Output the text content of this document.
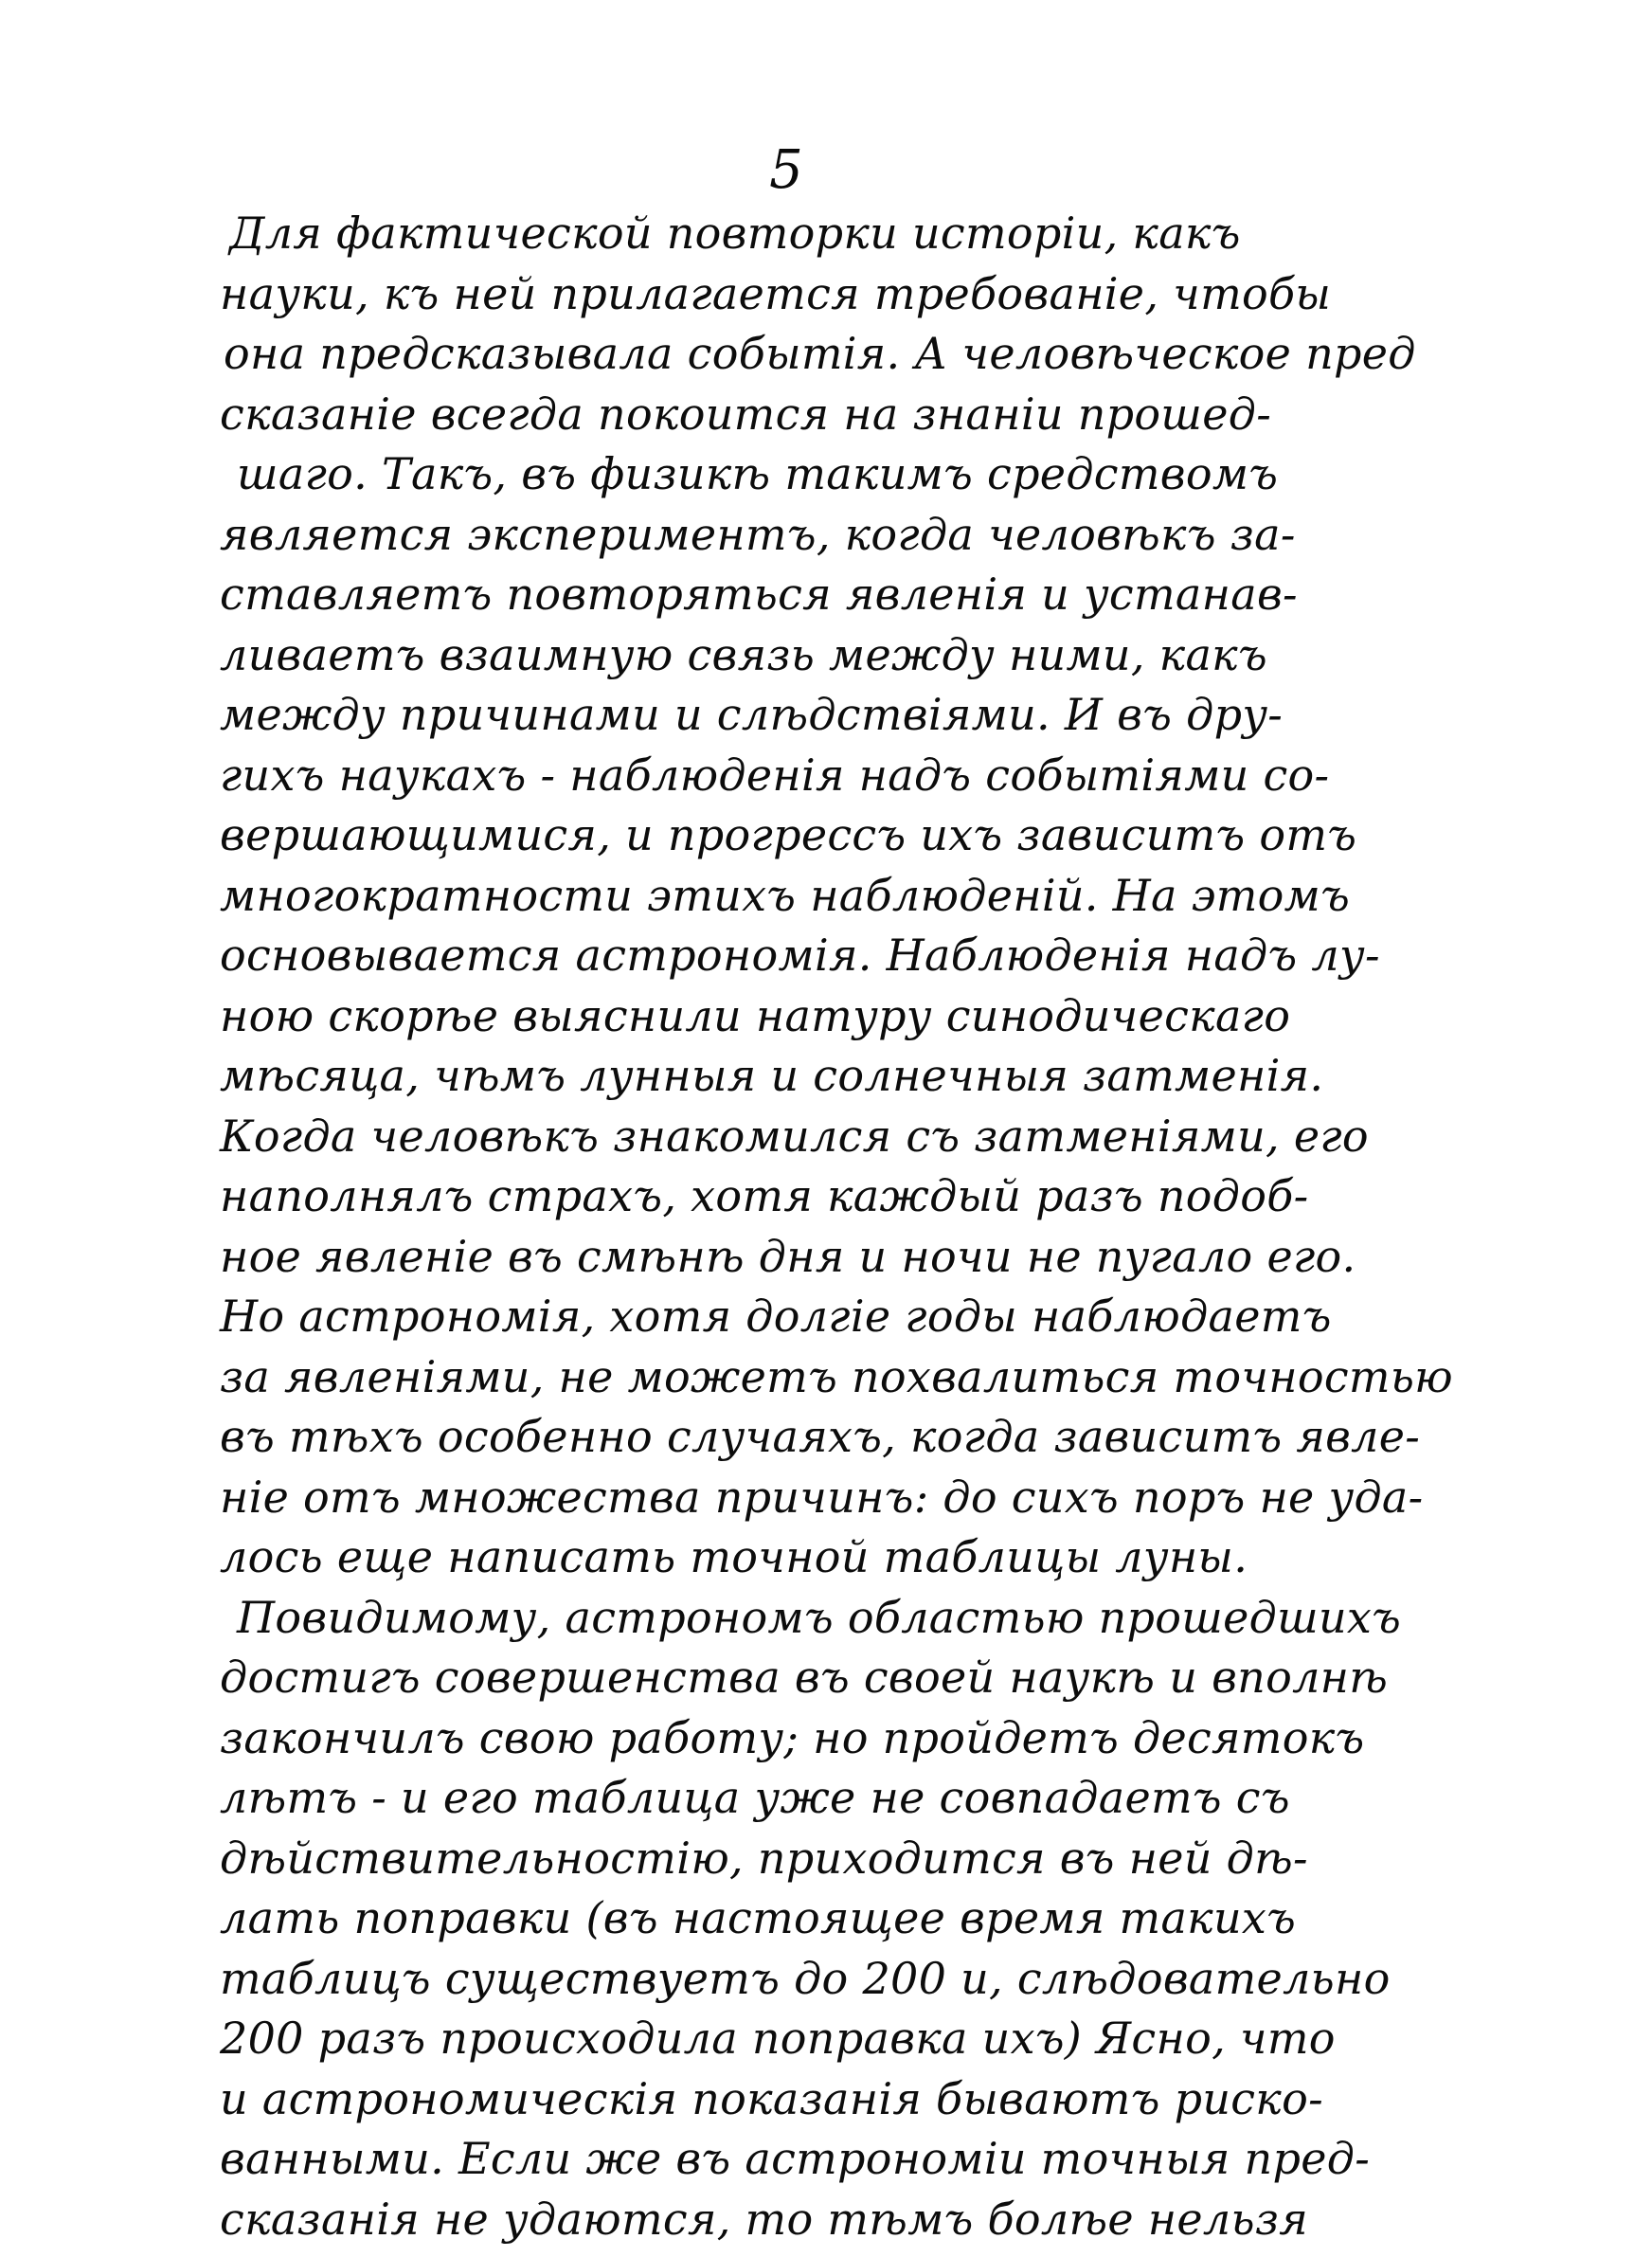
5
Для фактической повторки исторіи, какъ
науки, къ ней прилагается требованіе, чтобы
она предсказывала событія. А человѣческое пред
сказаніе всегда покоится на знаніи прошед-
шаго. Такъ, въ физикѣ такимъ средствомъ
является экспериментъ, когда человѣкъ за-
ставляетъ повторяться явленія и устанав-
ливаетъ взаимную связь между ними, какъ
между причинами и слѣдствіями. И въ дру-
гихъ наукахъ - наблюденія надъ событіями со-
вершающимися, и прогрессъ ихъ зависитъ отъ
многократности этихъ наблюденій. На этомъ
основывается астрономія. Наблюденія надъ лу-
ною скорѣе выяснили натуру синодическаго
мѣсяца, чѣмъ лунныя и солнечныя затменія.
Когда человѣкъ знакомился съ затменіями, его
наполнялъ страхъ, хотя каждый разъ подоб-
ное явленіе въ смѣнѣ дня и ночи не пугало его.
Но астрономія, хотя долгіе годы наблюдаетъ
за явленіями, не можетъ похвалиться точностью
въ тѣхъ особенно случаяхъ, когда зависитъ явле-
ніе отъ множества причинъ: до сихъ поръ не уда-
лось еще написать точной таблицы луны.
Повидимому, астрономъ областью прошедшихъ
достигъ совершенства въ своей наукѣ и вполнѣ
закончилъ свою работу; но пройдетъ десятокъ
лѣтъ - и его таблица уже не совпадаетъ съ
дѣйствительностію, приходится въ ней дѣ-
лать поправки (въ настоящее время такихъ
таблицъ существуетъ до 200 и, слѣдовательно
200 разъ происходила поправка ихъ) Ясно, что
и астрономическія показанія бываютъ риско-
ванными. Если же въ астрономіи точныя пред-
сказанія не удаются, то тѣмъ болѣе нельзя
